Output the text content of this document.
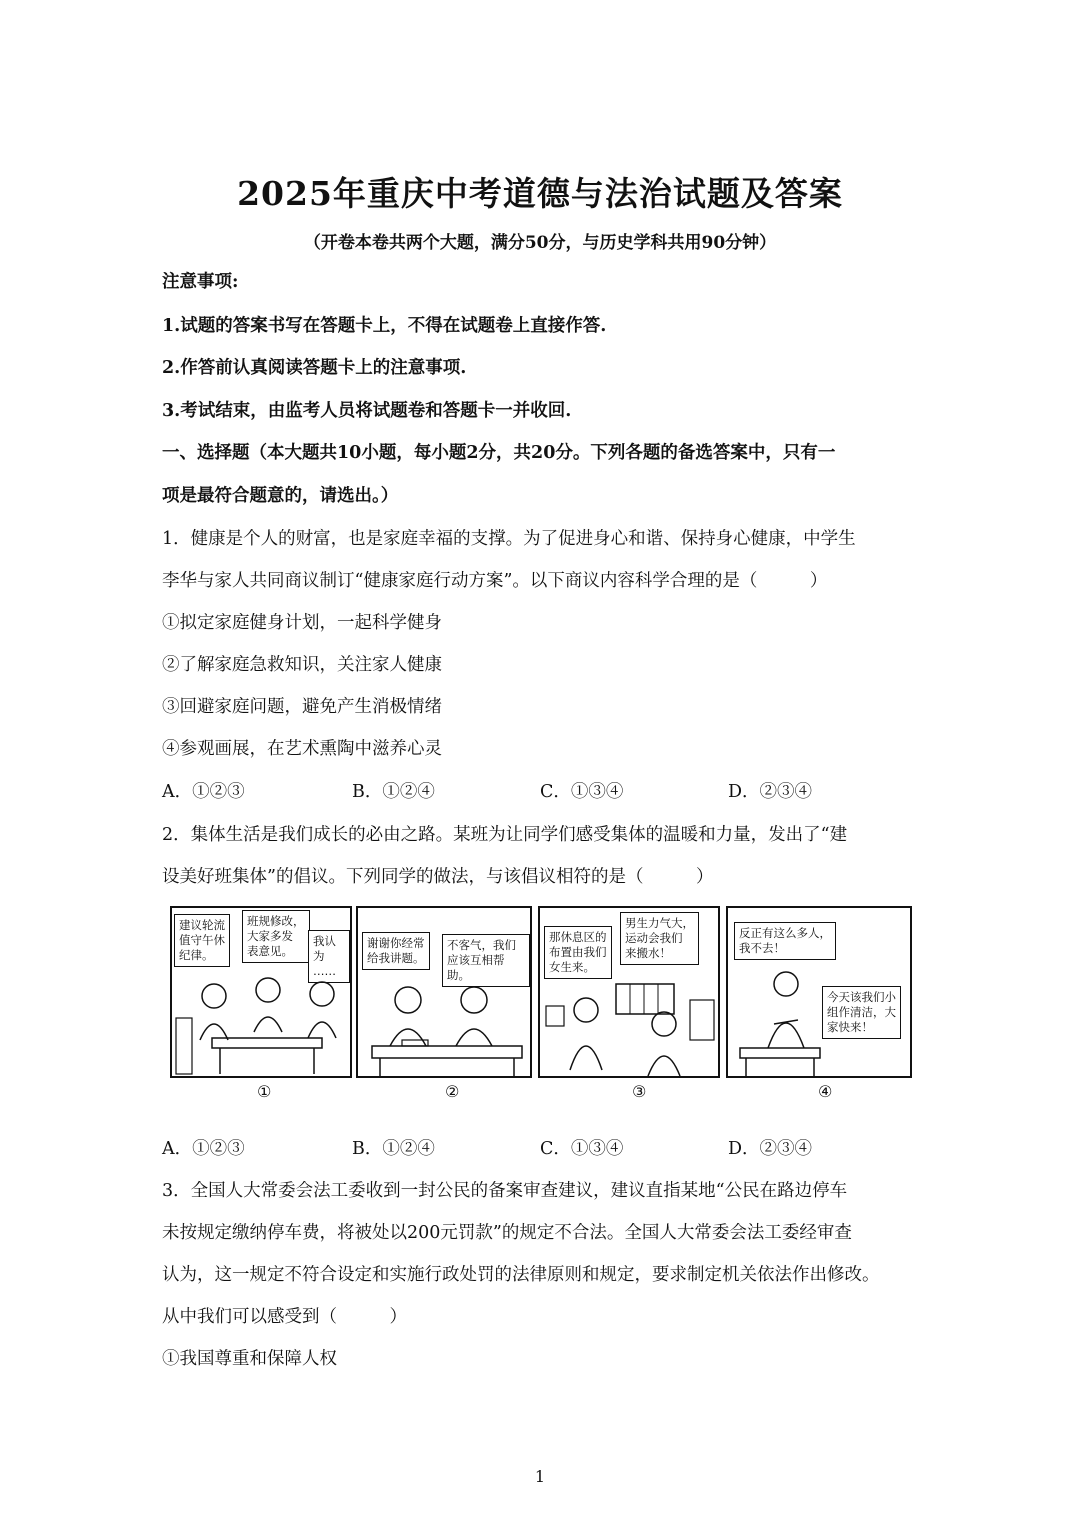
2025年重庆中考道德与法治试题及答案
（开卷本卷共两个大题，满分50分，与历史学科共用90分钟）
注意事项:
1.试题的答案书写在答题卡上，不得在试题卷上直接作答.
2.作答前认真阅读答题卡上的注意事项.
3.考试结束，由监考人员将试题卷和答题卡一并收回.
一、选择题（本大题共10小题，每小题2分，共20分。下列各题的备选答案中，只有一
项是最符合题意的，请选出。）
1．健康是个人的财富，也是家庭幸福的支撑。为了促进身心和谐、保持身心健康，中学生
李华与家人共同商议制订“健康家庭行动方案”。以下商议内容科学合理的是（　　　）
①拟定家庭健身计划，一起科学健身
②了解家庭急救知识，关注家人健康
③回避家庭问题，避免产生消极情绪
④参观画展，在艺术熏陶中滋养心灵
A．①②③	B．①②④	C．①③④	D．②③④
2．集体生活是我们成长的必由之路。某班为让同学们感受集体的温暖和力量，发出了“建
设美好班集体”的倡议。下列同学的做法，与该倡议相符的是（　　　）
建议轮流
值守午休
纪律。
班规修改，
大家多发
表意见。
我认为
……
谢谢你经常
给我讲题。
不客气，我们
应该互相帮助。
那休息区的
布置由我们
女生来。
男生力气大，
运动会我们
来搬水！
反正有这么多人，
我不去！
今天该我们小
组作清洁，大
家快来！
①	②	③	④
A．①②③	B．①②④	C．①③④	D．②③④
3．全国人大常委会法工委收到一封公民的备案审查建议，建议直指某地“公民在路边停车
未按规定缴纳停车费，将被处以200元罚款”的规定不合法。全国人大常委会法工委经审查
认为，这一规定不符合设定和实施行政处罚的法律原则和规定，要求制定机关依法作出修改。
从中我们可以感受到（　　　）
①我国尊重和保障人权
1
